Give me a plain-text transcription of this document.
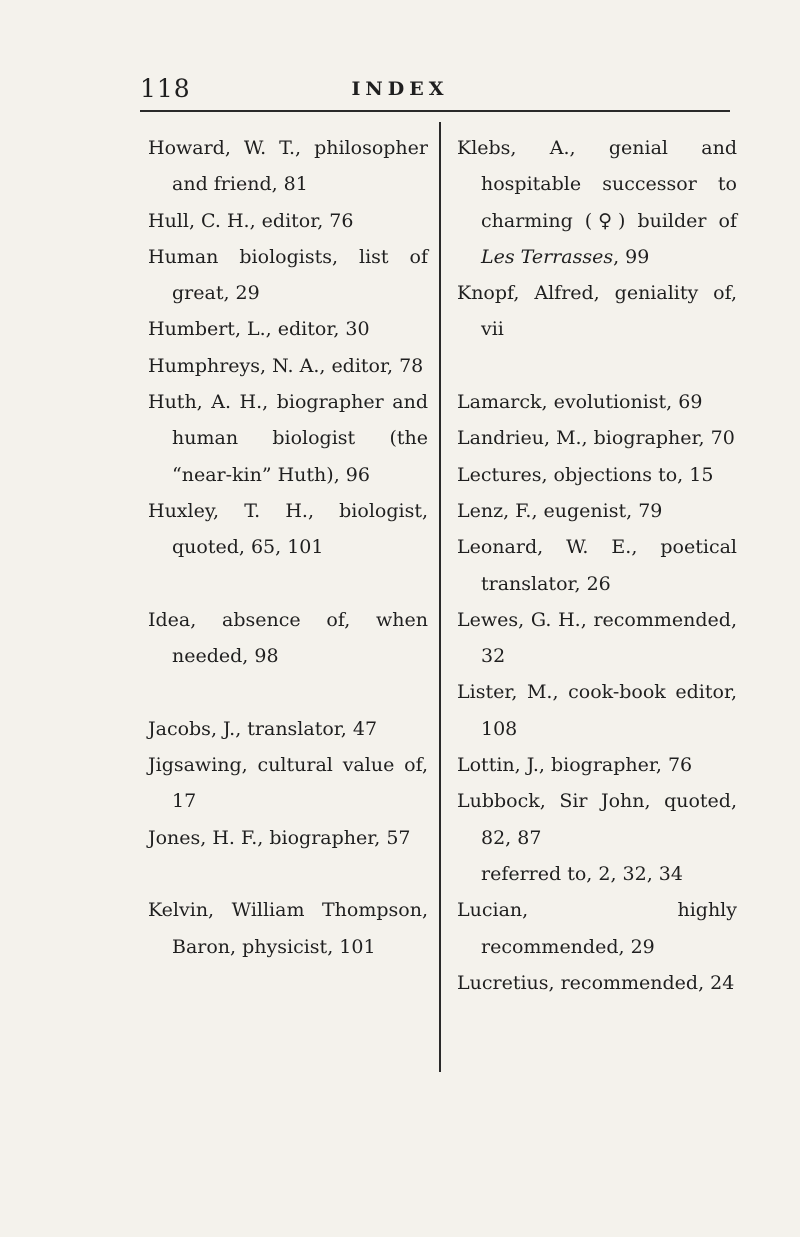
118	INDEX

Howard, W. T., philosopher and friend, 81

Hull, C. H., editor, 76

Human biologists, list of great, 29

Humbert, L., editor, 30

Humphreys, N. A., editor, 78

Huth, A. H., biographer and human biologist (the “near-kin” Huth), 96

Huxley, T. H., biologist, quoted, 65, 101

Idea, absence of, when needed, 98

Jacobs, J., translator, 47

Jigsawing, cultural value of, 17

Jones, H. F., biographer, 57

Kelvin, William Thompson, Baron, physicist, 101

Klebs, A., genial and hospitable successor to charming (♀) builder of Les Terrasses, 99

Knopf, Alfred, geniality of, vii

Lamarck, evolutionist, 69

Landrieu, M., biographer, 70

Lectures, objections to, 15

Lenz, F., eugenist, 79

Leonard, W. E., poetical translator, 26

Lewes, G. H., recommended, 32

Lister, M., cook-book editor, 108

Lottin, J., biographer, 76

Lubbock, Sir John, quoted, 82, 87

referred to, 2, 32, 34

Lucian, highly recommended, 29

Lucretius, recommended, 24
